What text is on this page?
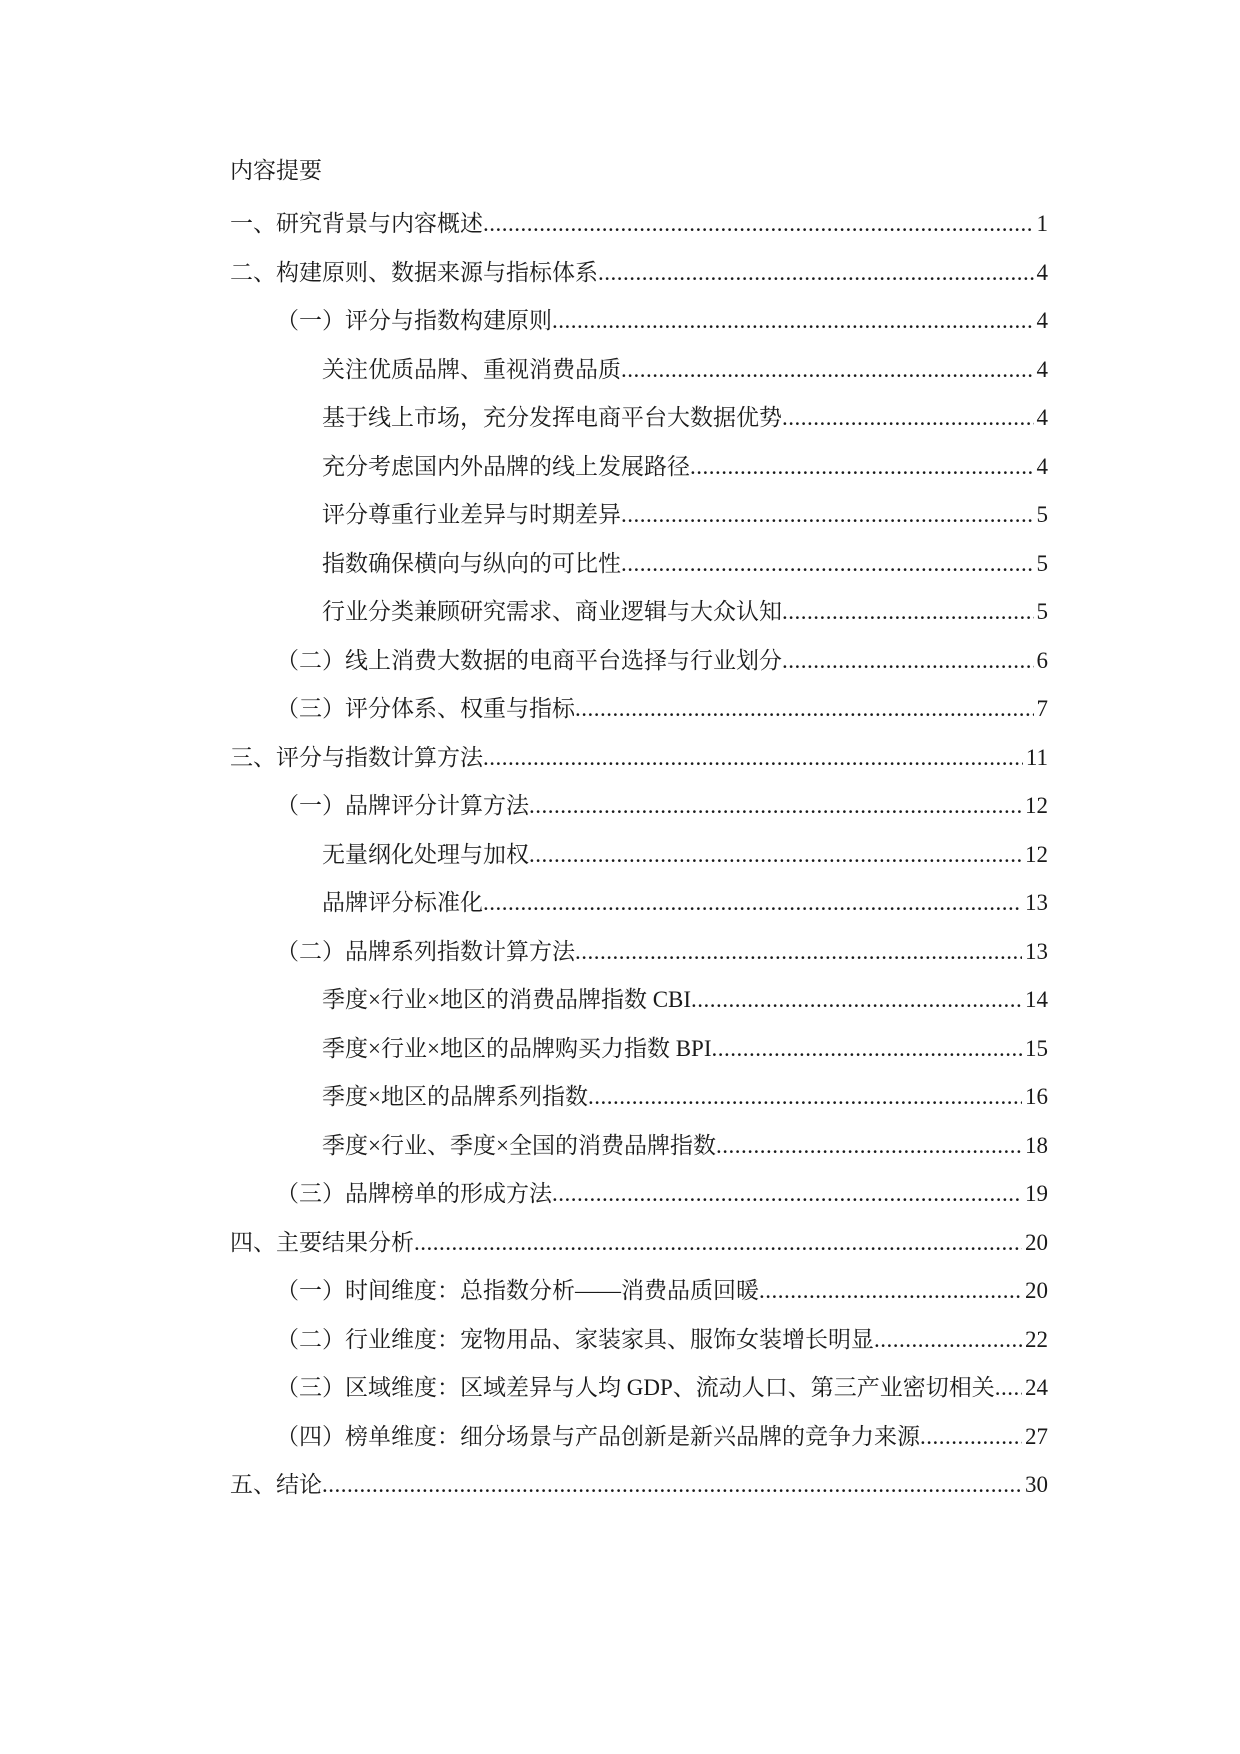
内容提要
一、研究背景与内容概述 .....	1
二、构建原则、数据来源与指标体系 .....	4
（一）评分与指数构建原则 .....	4
关注优质品牌、重视消费品质 .....	4
基于线上市场，充分发挥电商平台大数据优势 .....	4
充分考虑国内外品牌的线上发展路径 .....	4
评分尊重行业差异与时期差异 .....	5
指数确保横向与纵向的可比性 .....	5
行业分类兼顾研究需求、商业逻辑与大众认知 .....	5
（二）线上消费大数据的电商平台选择与行业划分 .....	6
（三）评分体系、权重与指标 .....	7
三、评分与指数计算方法 .....	11
（一）品牌评分计算方法 .....	12
无量纲化处理与加权 .....	12
品牌评分标准化 .....	13
（二）品牌系列指数计算方法 .....	13
季度×行业×地区的消费品牌指数 CBI .....	14
季度×行业×地区的品牌购买力指数 BPI .....	15
季度×地区的品牌系列指数 .....	16
季度×行业、季度×全国的消费品牌指数 .....	18
（三）品牌榜单的形成方法 .....	19
四、主要结果分析 .....	20
（一）时间维度：总指数分析——消费品质回暖 .....	20
（二）行业维度：宠物用品、家装家具、服饰女装增长明显 .....	22
（三）区域维度：区域差异与人均 GDP、流动人口、第三产业密切相关 ..... 24
（四）榜单维度：细分场景与产品创新是新兴品牌的竞争力来源 .....	27
五、结论 .....	30
